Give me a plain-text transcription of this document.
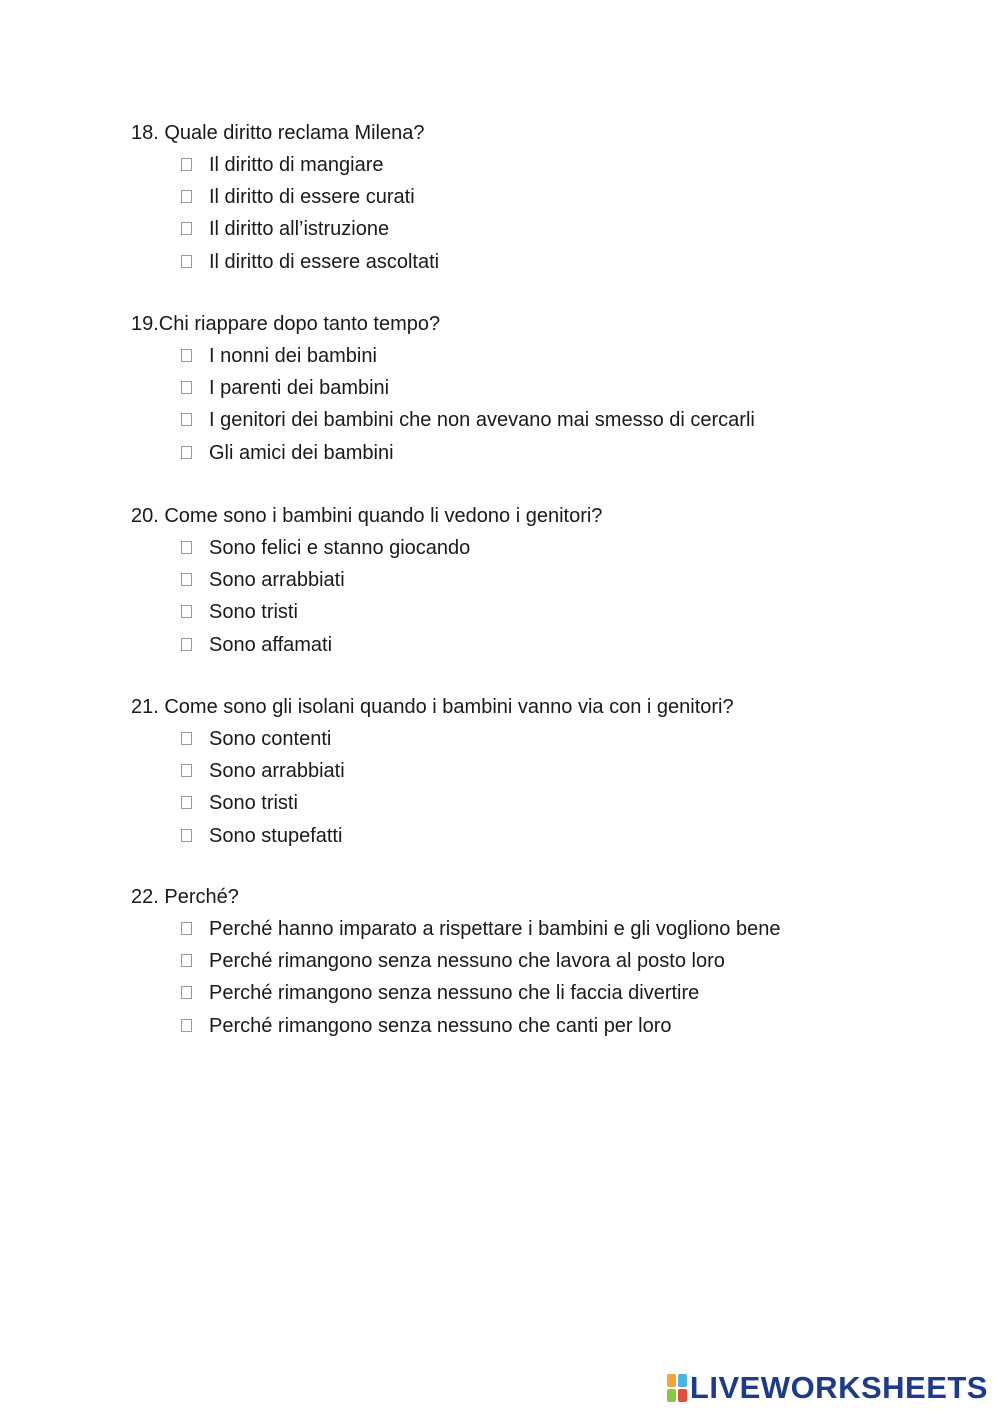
18. Quale diritto reclama Milena?
Il diritto di mangiare
Il diritto di essere curati
Il diritto all’istruzione
Il diritto di essere ascoltati
19.Chi riappare dopo tanto tempo?
I nonni dei bambini
I parenti dei bambini
I genitori dei bambini che non avevano mai smesso di cercarli
Gli amici dei bambini
20. Come sono i bambini quando li vedono i genitori?
Sono felici e stanno giocando
Sono arrabbiati
Sono tristi
Sono affamati
21. Come sono gli isolani quando i bambini vanno via con i genitori?
Sono contenti
Sono arrabbiati
Sono tristi
Sono stupefatti
22. Perché?
Perché hanno imparato a rispettare i bambini e gli vogliono bene
Perché rimangono senza nessuno che lavora al posto loro
Perché rimangono senza nessuno che li faccia divertire
Perché rimangono senza nessuno che canti per loro
LIVEWORKSHEETS
